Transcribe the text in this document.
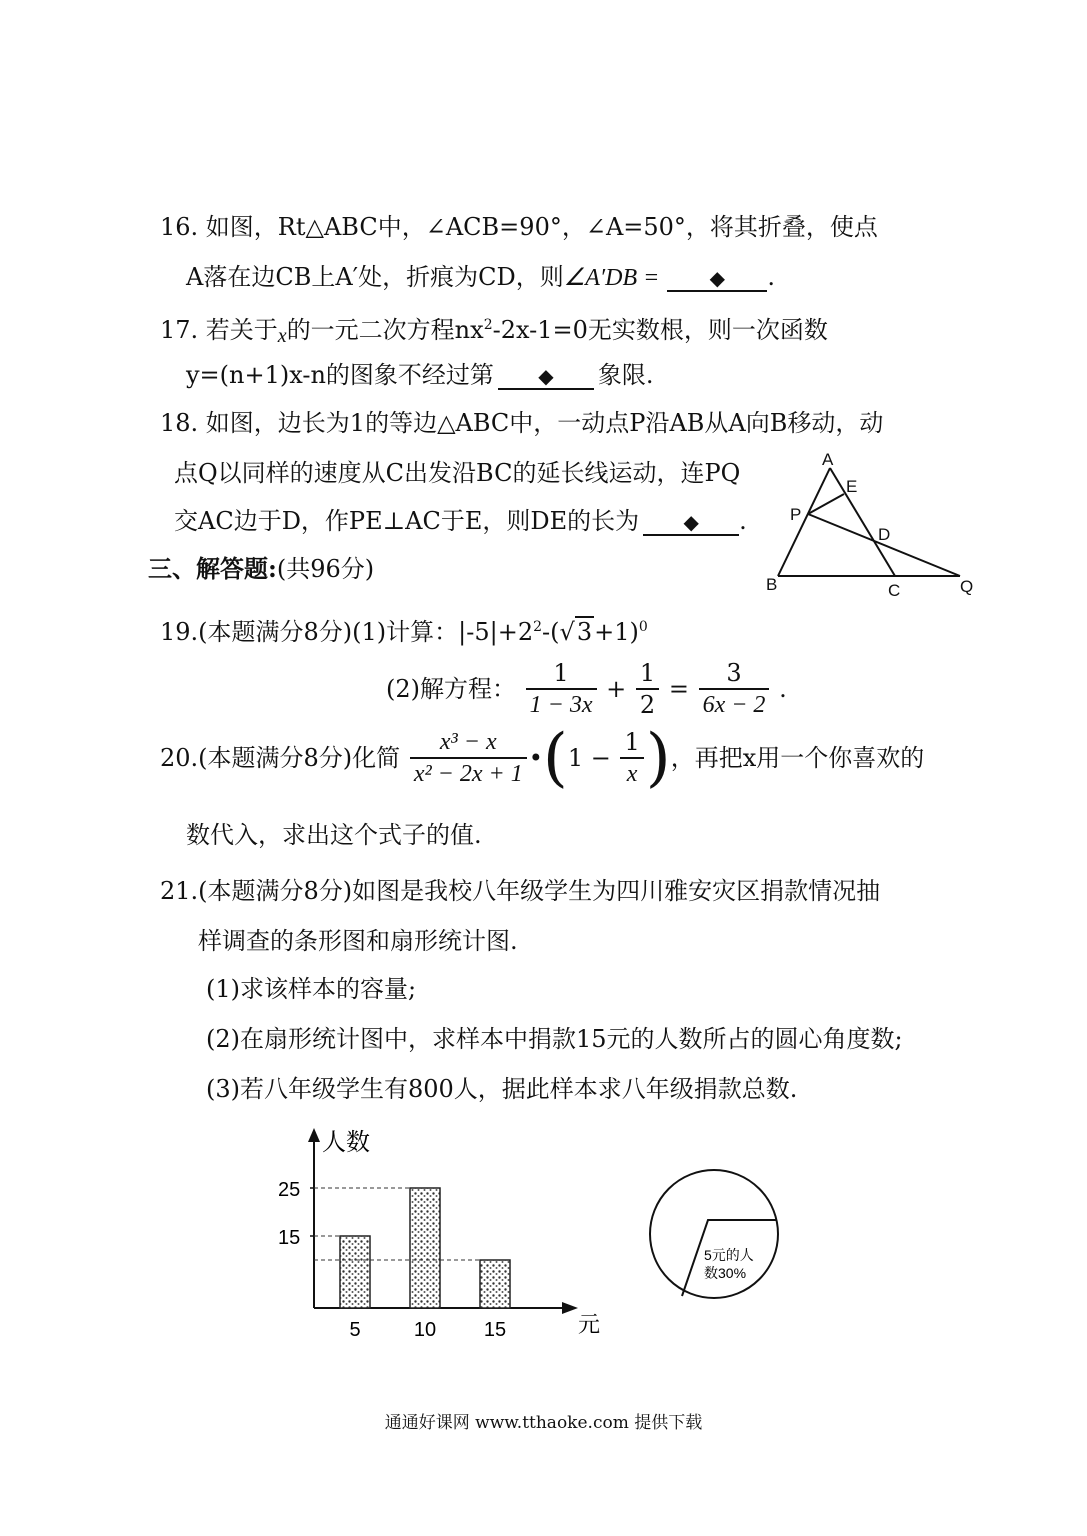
16. 如图，Rt△ABC中，∠ACB=90°，∠A=50°，将其折叠，使点
A落在边CB上A′处，折痕为CD，则∠A′DB =	◆ .
17. 若关于x的一元二次方程$nx^2-2x-1=0$无实数根，则一次函数
y=(n+1)x-n的图象不经过第 ◆ 象限.
18. 如图，边长为1的等边△ABC中，一动点P沿AB从A向B移动，动
点Q以同样的速度从C出发沿BC的延长线运动，连PQ
交AC边于D，作PE⊥AC于E，则DE的长为 ◆ .
A
E
P
D
B	C	Q
三、解答题:(共96分)
19.(本题满分8分)(1)计算：$|-5|+2^2-(√3+1)^0$
(2)解方程： $\frac{1}{1 - 3x} + \frac{1}{2} = \frac{3}{6x - 2}$ .
20.(本题满分8分)化简 $\frac{\text{x³ − x}}{\text{x² − 2x + 1}}$ •(1 − $\frac{1}{x}$ )，再把x用一个你喜欢的
数代入，求出这个式子的值.
21.(本题满分8分)如图是我校八年级学生为四川雅安灾区捐款情况抽
样调查的条形图和扇形统计图.
(1)求该样本的容量;
(2)在扇形统计图中，求样本中捐款15元的人数所占的圆心角度数;
(3)若八年级学生有800人，据此样本求八年级捐款总数.
人数
元
25
15
5	10 15
5元的人
数30%
通通好课网 www.tthaoke.com 提供下载
